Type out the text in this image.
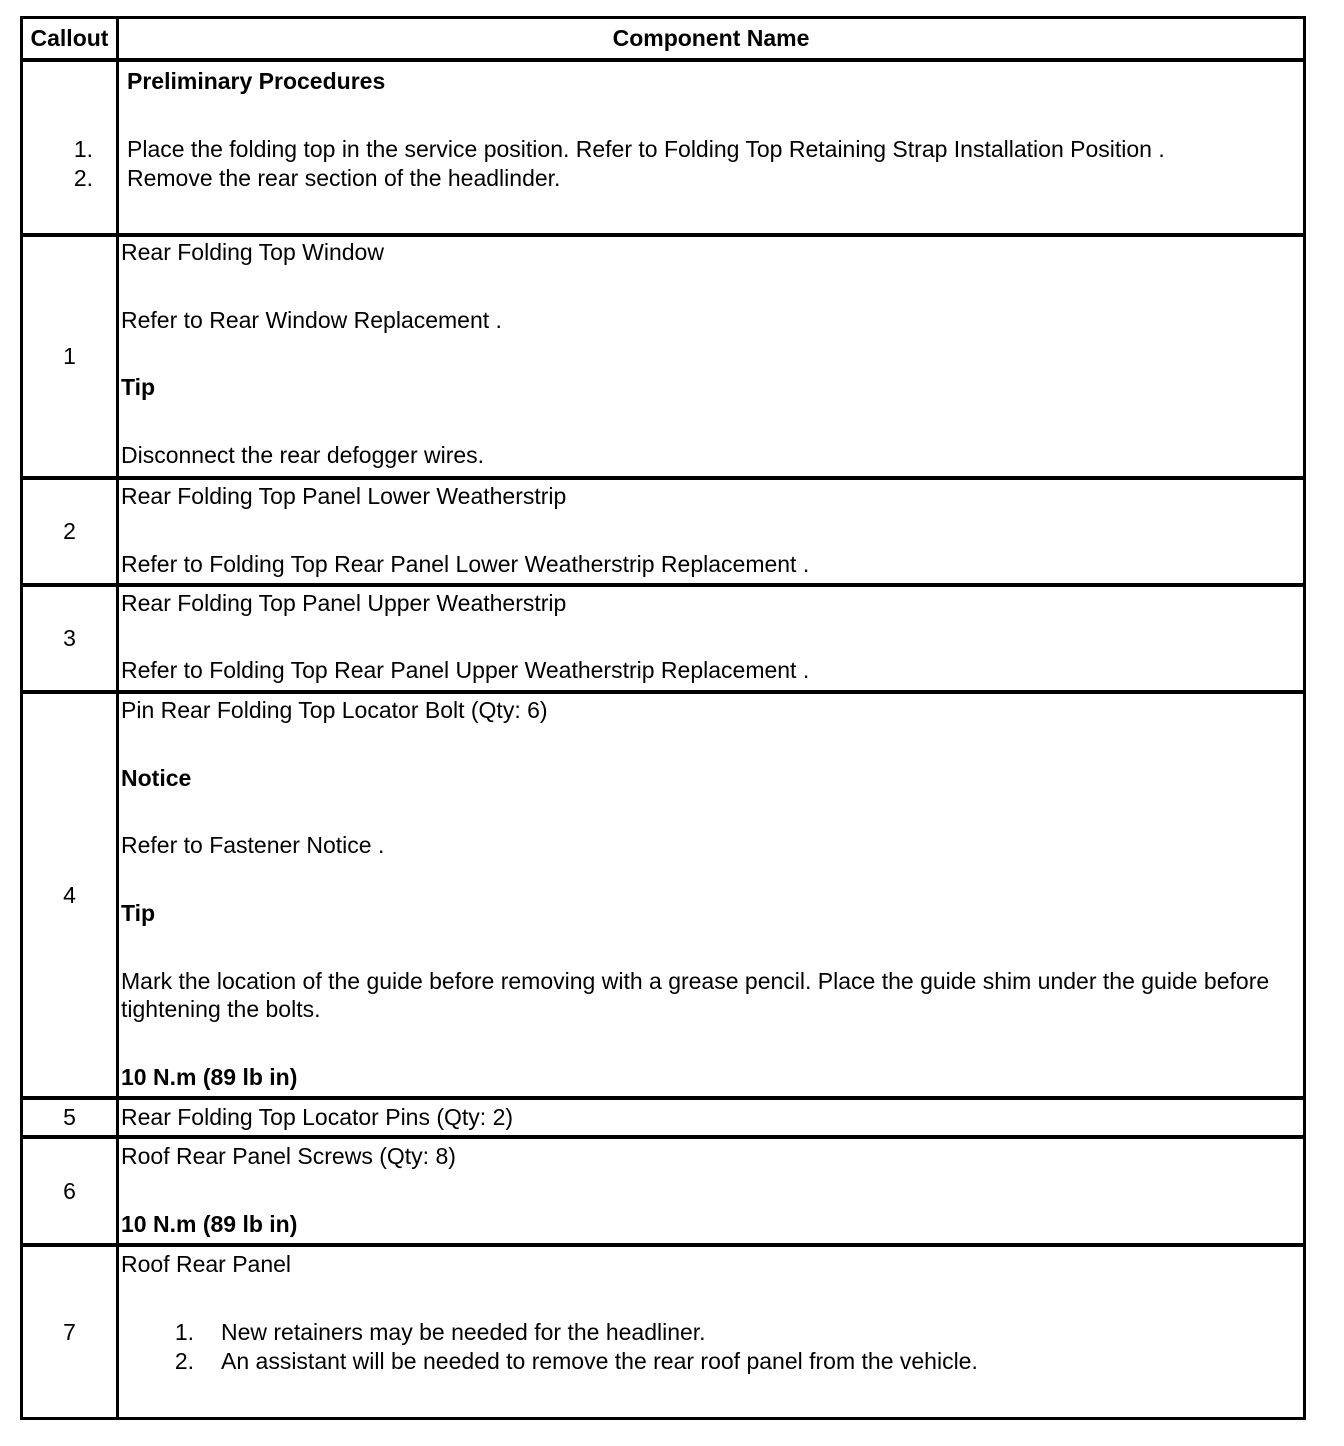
Callout	Component Name
Preliminary Procedures
1. Place the folding top in the service position. Refer to Folding Top Retaining Strap Installation Position .
2. Remove the rear section of the headlinder.
1
Rear Folding Top Window
Refer to Rear Window Replacement .
Tip
Disconnect the rear defogger wires.
2
Rear Folding Top Panel Lower Weatherstrip
Refer to Folding Top Rear Panel Lower Weatherstrip Replacement .
3
Rear Folding Top Panel Upper Weatherstrip
Refer to Folding Top Rear Panel Upper Weatherstrip Replacement .
4
Pin Rear Folding Top Locator Bolt (Qty: 6)
Notice
Refer to Fastener Notice .
Tip
Mark the location of the guide before removing with a grease pencil. Place the guide shim under the guide before tightening the bolts.
10 N.m (89 lb in)
5	Rear Folding Top Locator Pins (Qty: 2)
6
Roof Rear Panel Screws (Qty: 8)
10 N.m (89 lb in)
7
Roof Rear Panel
1. New retainers may be needed for the headliner.
2. An assistant will be needed to remove the rear roof panel from the vehicle.
